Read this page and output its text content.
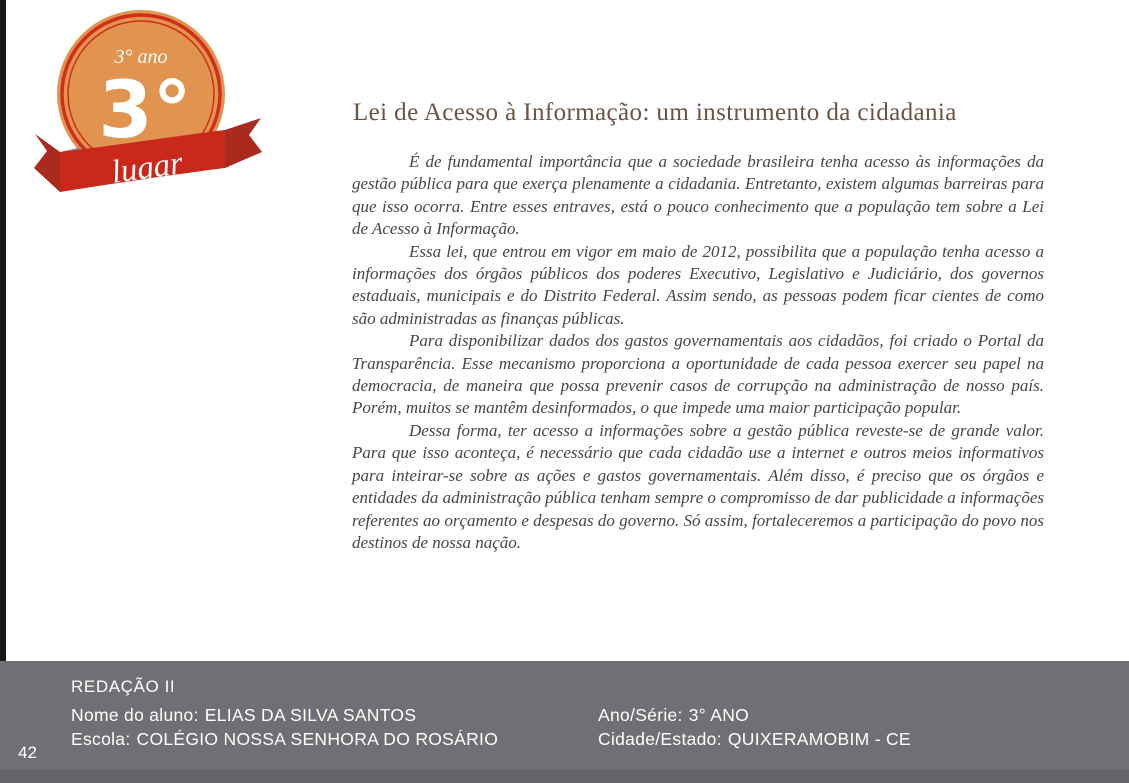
3° ano
3°
lugar
Lei de Acesso à Informação: um instrumento da cidadania

É de fundamental importância que a sociedade brasileira tenha acesso às informações da gestão pública para que exerça plenamente a cidadania. Entretanto, existem algumas barreiras para que isso ocorra. Entre esses entraves, está o pouco conhecimento que a população tem sobre a Lei de Acesso à Informação.

Essa lei, que entrou em vigor em maio de 2012, possibilita que a população tenha acesso a informações dos órgãos públicos dos poderes Executivo, Legislativo e Judiciário, dos governos estaduais, municipais e do Distrito Federal. Assim sendo, as pessoas podem ficar cientes de como são administradas as finanças públicas.

Para disponibilizar dados dos gastos governamentais aos cidadãos, foi criado o Portal da Transparência. Esse mecanismo proporciona a oportunidade de cada pessoa exercer seu papel na democracia, de maneira que possa prevenir casos de corrupção na administração de nosso país. Porém, muitos se mantêm desinformados, o que impede uma maior participação popular.

Dessa forma, ter acesso a informações sobre a gestão pública reveste-se de grande valor. Para que isso aconteça, é necessário que cada cidadão use a internet e outros meios informativos para inteirar-se sobre as ações e gastos governamentais. Além disso, é preciso que os órgãos e entidades da administração pública tenham sempre o compromisso de dar publicidade a informações referentes ao orçamento e despesas do governo. Só assim, fortaleceremos a participação do povo nos destinos de nossa nação.

REDAÇÃO II
Nome do aluno: ELIAS DA SILVA SANTOS
Escola: COLÉGIO NOSSA SENHORA DO ROSÁRIO
Ano/Série: 3° ANO
Cidade/Estado: QUIXERAMOBIM - CE
42
